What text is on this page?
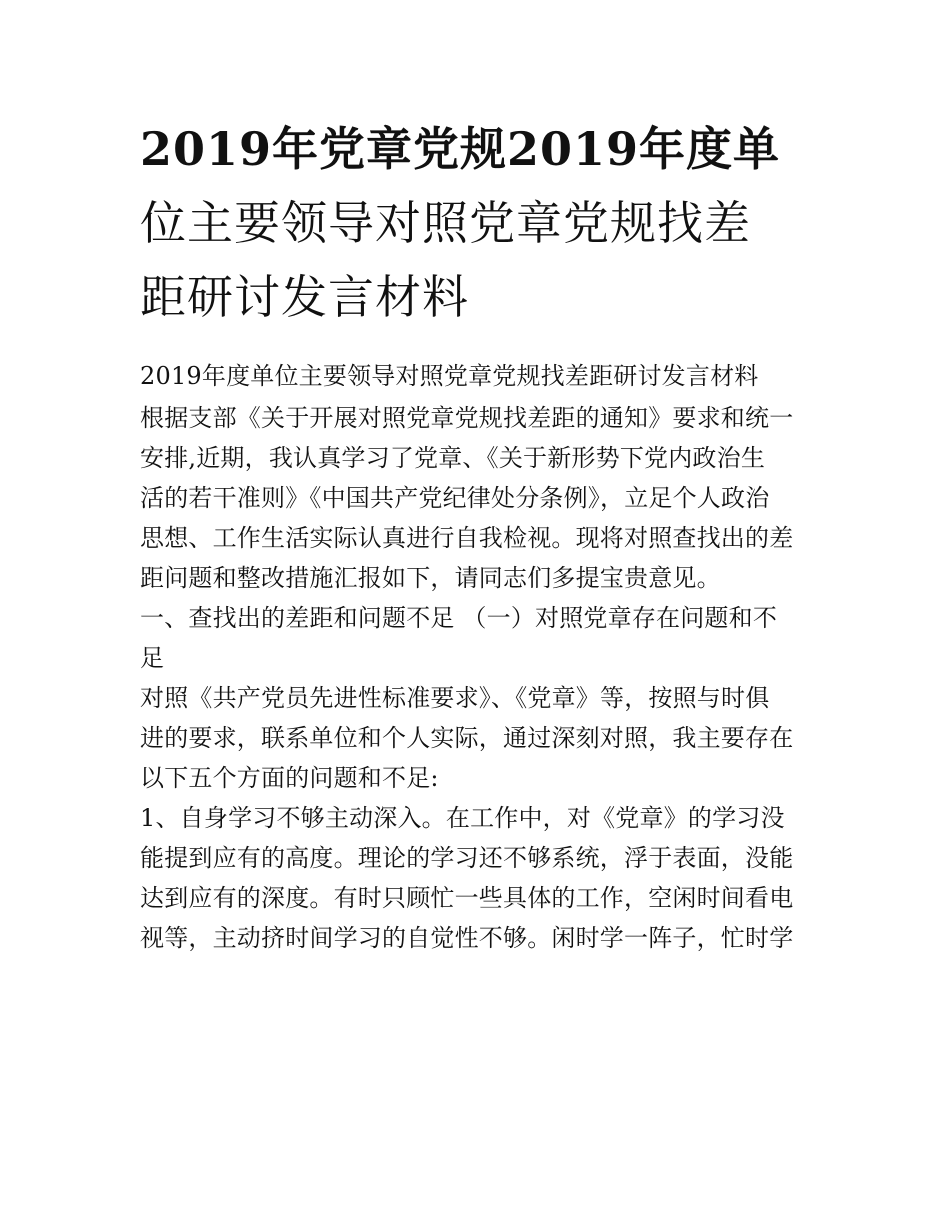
2019年党章党规2019年度单
位主要领导对照党章党规找差
距研讨发言材料
2019年度单位主要领导对照党章党规找差距研讨发言材料
根据支部《关于开展对照党章党规找差距的通知》要求和统一
安排,近期，我认真学习了党章、《关于新形势下党内政治生
活的若干准则》《中国共产党纪律处分条例》，立足个人政治
思想、工作生活实际认真进行自我检视。现将对照查找出的差
距问题和整改措施汇报如下，请同志们多提宝贵意见。
一、查找出的差距和问题不足 （一）对照党章存在问题和不
足
对照《共产党员先进性标准要求》、《党章》等，按照与时俱
进的要求，联系单位和个人实际，通过深刻对照，我主要存在
以下五个方面的问题和不足:
1、自身学习不够主动深入。在工作中，对《党章》的学习没
能提到应有的高度。理论的学习还不够系统，浮于表面，没能
达到应有的深度。有时只顾忙一些具体的工作，空闲时间看电
视等，主动挤时间学习的自觉性不够。闲时学一阵子，忙时学
